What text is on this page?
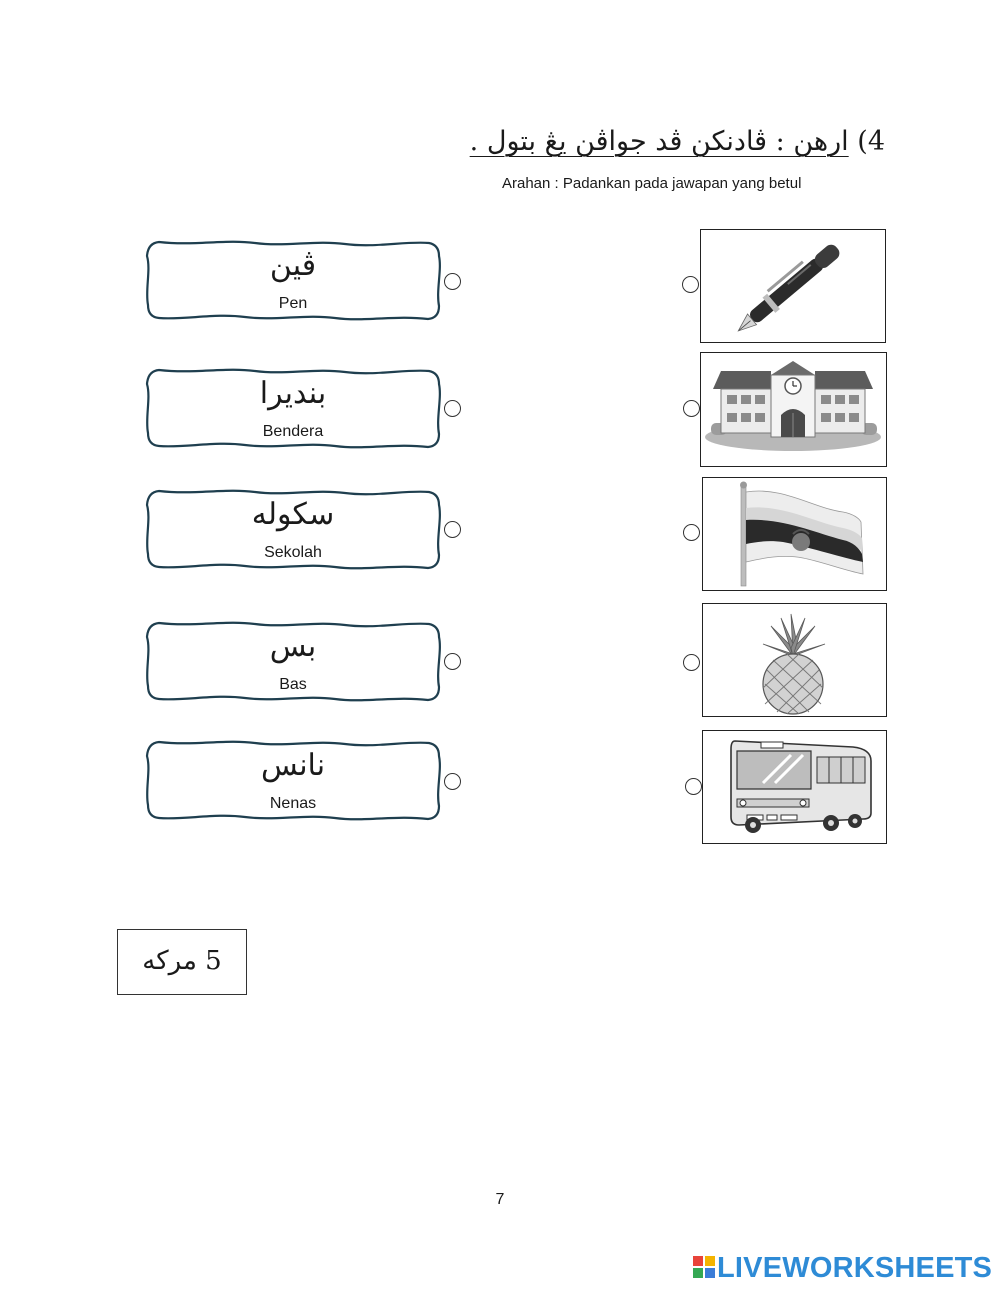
4) ارهن : ڤادنكن ڤد جواڤن يڠ بتول .
Arahan : Padankan pada jawapan yang betul
ڤين
Pen
بنديرا
Bendera
سكوله
Sekolah
بس
Bas
نانس
Nenas
5 مركه
7
LIVEWORKSHEETS
